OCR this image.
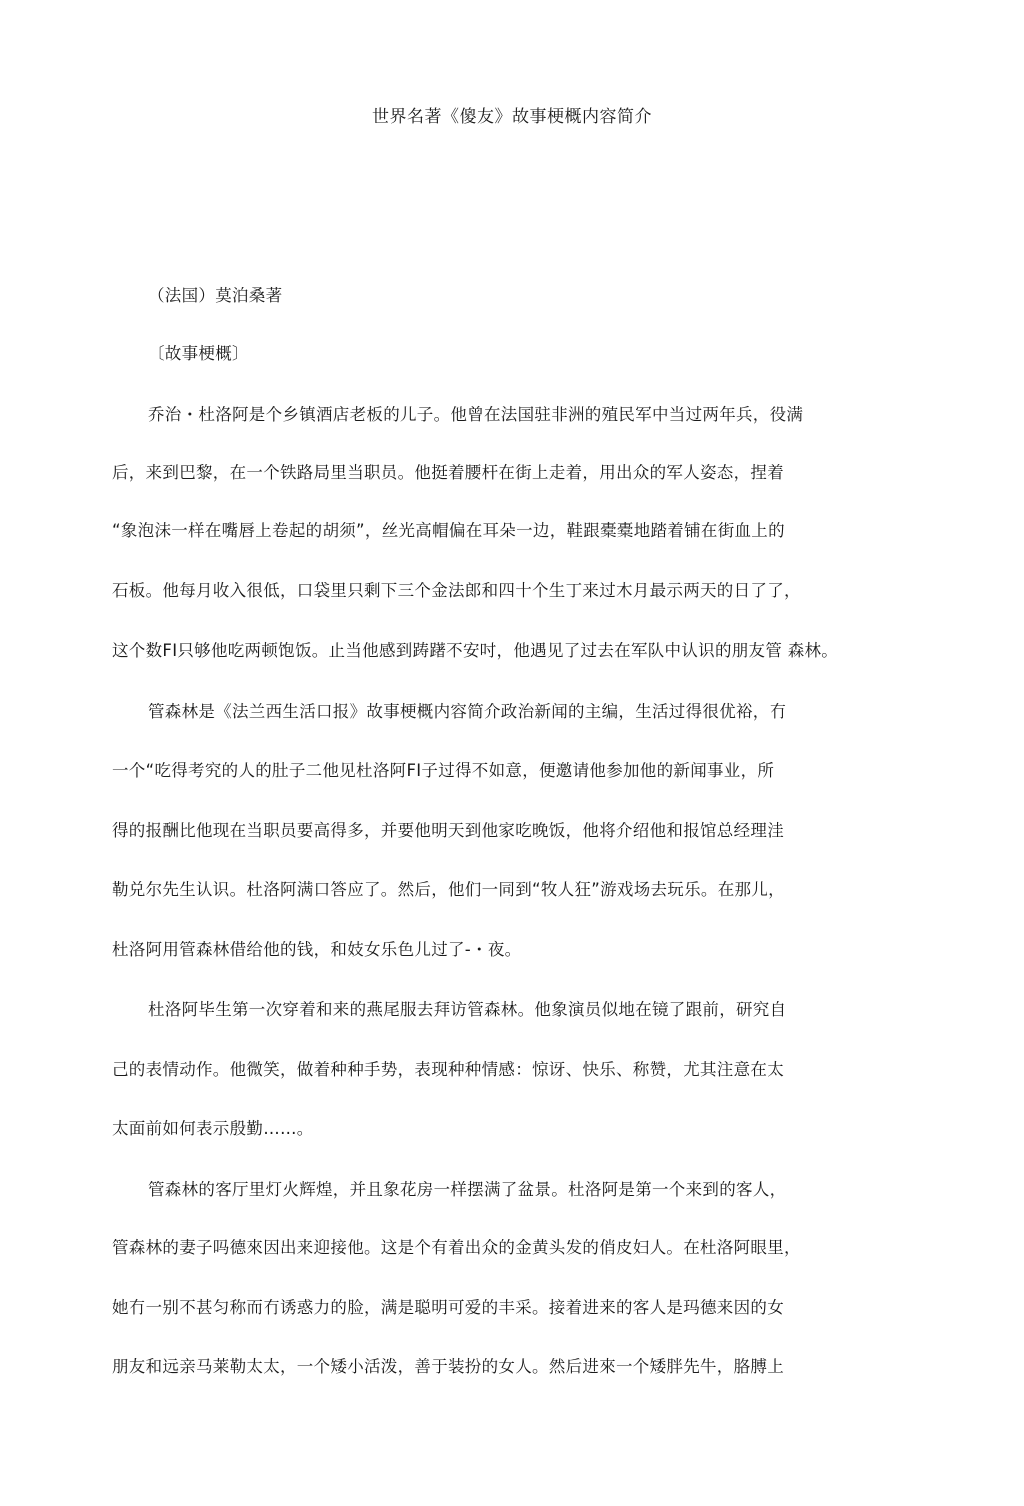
世界名著《傻友》故事梗概内容简介
（法国）莫泊桑著
〔故事梗概〕
乔治・杜洛阿是个乡镇酒店老板的儿子。他曾在法国驻非洲的殖民军中当过两年兵，役满
后，来到巴黎，在一个铁路局里当职员。他挺着腰杆在街上走着，用出众的军人姿态，捏着
“象泡沫一样在嘴唇上卷起的胡须”，丝光高帽偏在耳朵一边，鞋跟橐橐地踏着铺在街血上的
石板。他每月收入很低，口袋里只剩下三个金法郎和四十个生丁来过木月最示两天的日了了，
这个数FI只够他吃两顿饱饭。止当他感到踌躇不安吋，他遇见了过去在军队中认识的朋友管 森林。
管森林是《法兰西生活口报》故事梗概内容简介政治新闻的主编，生活过得很优裕，冇
一个“吃得考究的人的肚子二他见杜洛阿FI子过得不如意，便邀请他参加他的新闻事业，所
得的报酬比他现在当职员要高得多，并要他明天到他家吃晚饭，他将介绍他和报馆总经理洼
勒兑尔先生认识。杜洛阿满口答应了。然后，他们一同到“牧人狂”游戏场去玩乐。在那儿，
杜洛阿用管森林借给他的钱，和妓女乐色儿过了-・夜。
杜洛阿毕生第一次穿着和来的燕尾服去拜访管森林。他象演员似地在镜了跟前，研究自
己的表情动作。他微笑，做着种种手势，表现种种情感：惊讶、快乐、称赞，尤其注意在太
太面前如何表示殷勤……。
管森林的客厅里灯火辉煌，并且象花房一样摆满了盆景。杜洛阿是第一个来到的客人，
管森林的妻子吗德來因出来迎接他。这是个有着出众的金黄头发的俏皮妇人。在杜洛阿眼里，
她冇一别不甚匀称而冇诱惑力的脸，满是聪明可爱的丰采。接着进来的客人是玛德来因的女
朋友和远亲马莱勒太太，一个矮小活泼，善于装扮的女人。然后进來一个矮胖先牛，胳膊上
